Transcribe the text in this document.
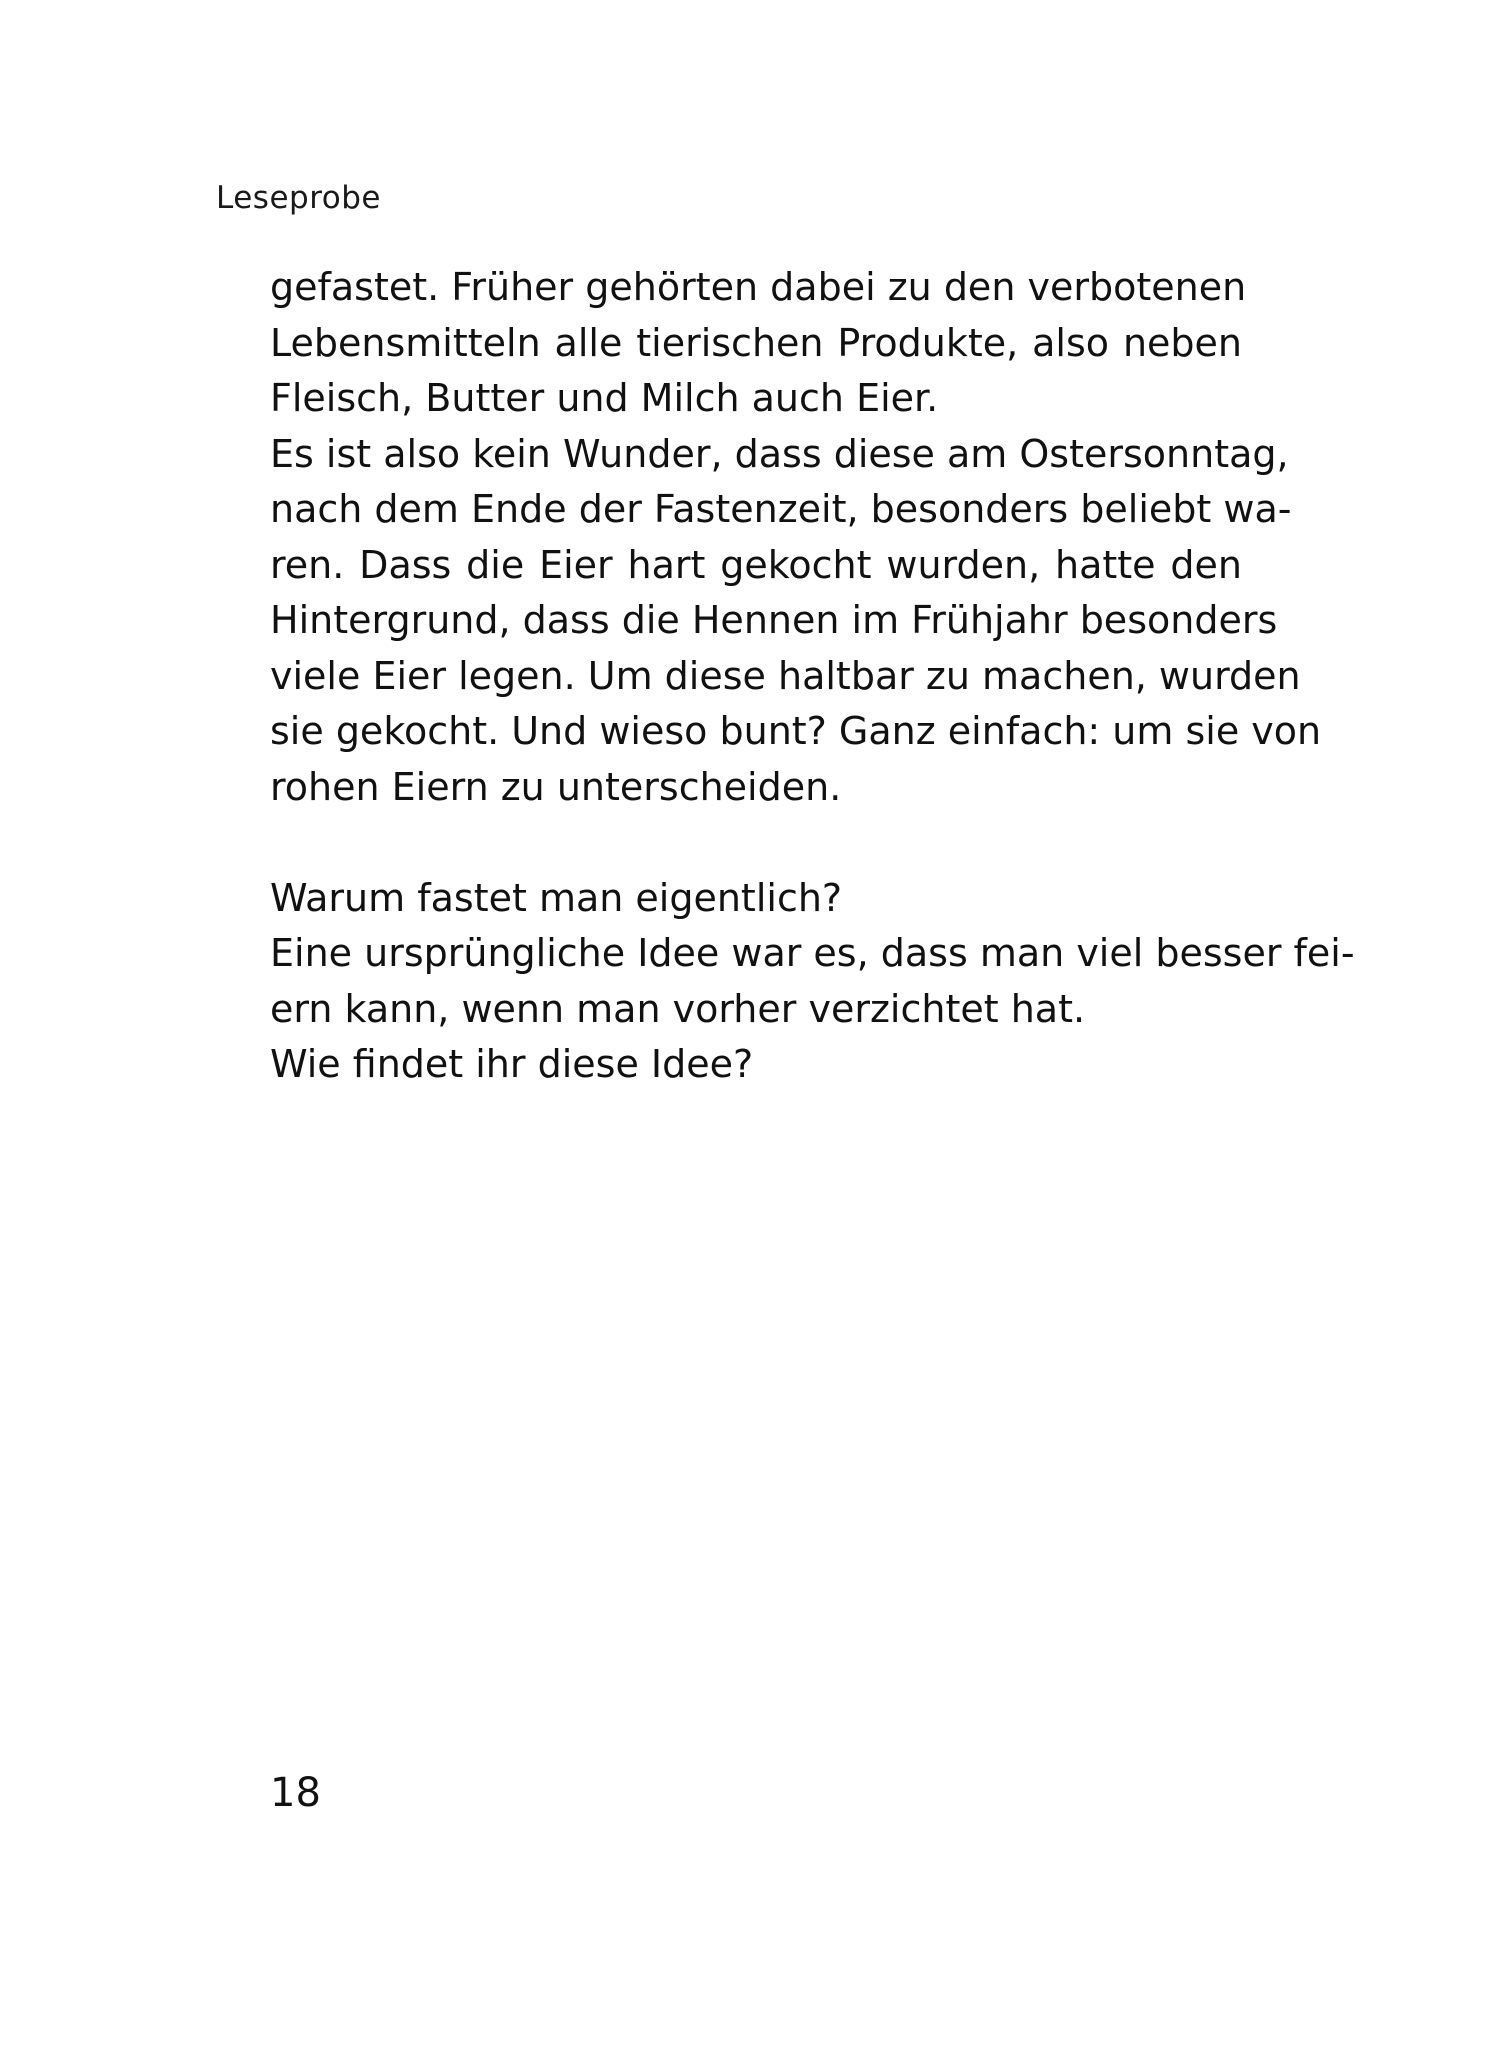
Leseprobe
gefastet. Früher gehörten dabei zu den verbotenen
Lebensmitteln alle tierischen Produkte, also neben
Fleisch, Butter und Milch auch Eier.
Es ist also kein Wunder, dass diese am Ostersonntag,
nach dem Ende der Fastenzeit, besonders beliebt wa-
ren. Dass die Eier hart gekocht wurden, hatte den
Hintergrund, dass die Hennen im Frühjahr besonders
viele Eier legen. Um diese haltbar zu machen, wurden
sie gekocht. Und wieso bunt? Ganz einfach: um sie von
rohen Eiern zu unterscheiden.
Warum fastet man eigentlich?
Eine ursprüngliche Idee war es, dass man viel besser fei-
ern kann, wenn man vorher verzichtet hat.
Wie findet ihr diese Idee?
18
